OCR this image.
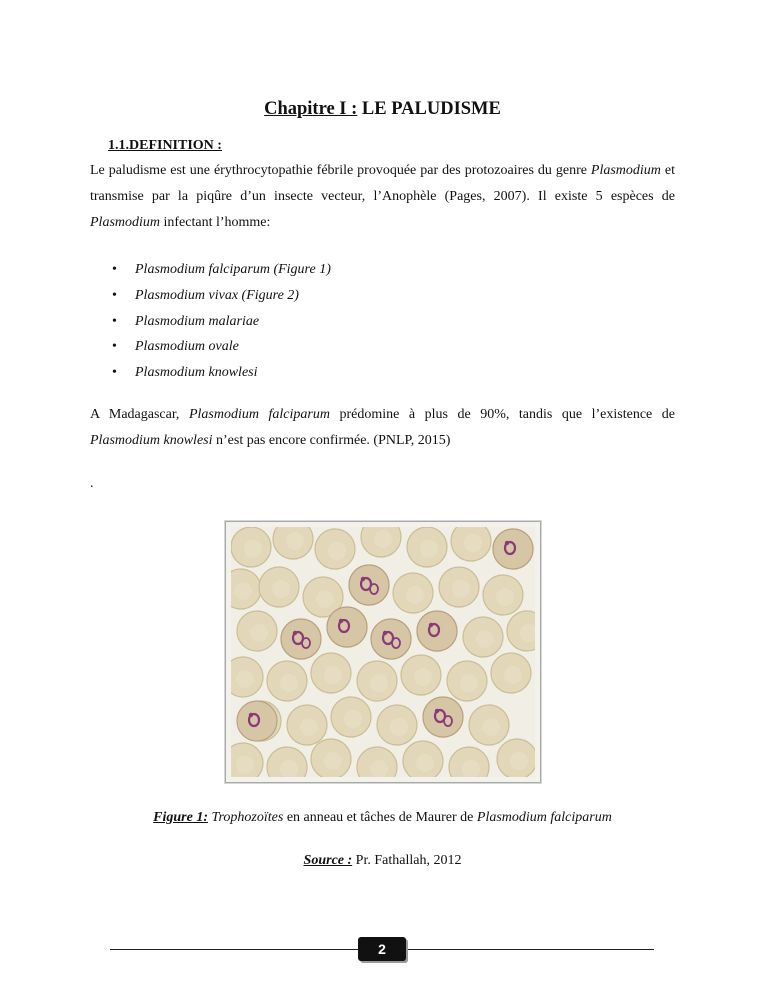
Chapitre I : LE PALUDISME
1.1.DEFINITION :

Le paludisme est une érythrocytopathie fébrile provoquée par des protozoaires du genre Plasmodium et transmise par la piqûre d’un insecte vecteur, l’Anophèle (Pages, 2007). Il existe 5 espèces de Plasmodium infectant l’homme:

• Plasmodium falciparum (Figure 1)
• Plasmodium vivax (Figure 2)
• Plasmodium malariae
• Plasmodium ovale
• Plasmodium knowlesi

A Madagascar, Plasmodium falciparum prédomine à plus de 90%, tandis que l’existence de Plasmodium knowlesi n’est pas encore confirmée. (PNLP, 2015)

.
Figure 1: Trophozoïtes en anneau et tâches de Maurer de Plasmodium falciparum
Source : Pr. Fathallah, 2012
2
